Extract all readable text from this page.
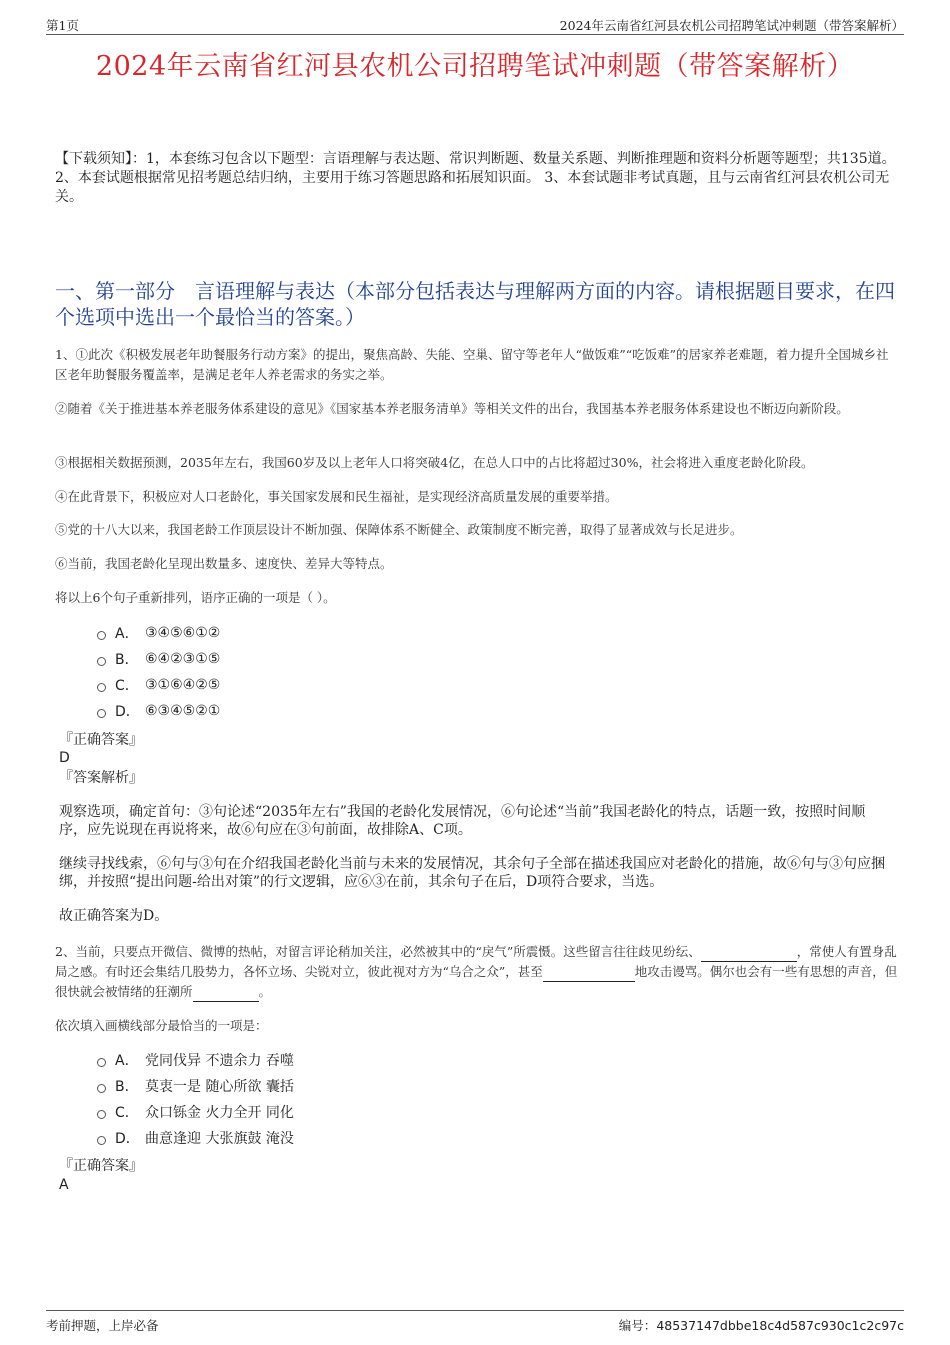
第1页	2024年云南省红河县农机公司招聘笔试冲刺题（带答案解析）
2024年云南省红河县农机公司招聘笔试冲刺题（带答案解析）
【下载须知】：1，本套练习包含以下题型：言语理解与表达题、常识判断题、数量关系题、判断推理题和资料分析题等题型；共135道。 2、本套试题根据常见招考题总结归纳，主要用于练习答题思路和拓展知识面。 3、本套试题非考试真题，且与云南省红河县农机公司无关。
一、第一部分　言语理解与表达（本部分包括表达与理解两方面的内容。请根据题目要求，在四个选项中选出一个最恰当的答案。）
1、①此次《积极发展老年助餐服务行动方案》的提出，聚焦高龄、失能、空巢、留守等老年人“做饭难”“吃饭难”的居家养老难题，着力提升全国城乡社区老年助餐服务覆盖率，是满足老年人养老需求的务实之举。
②随着《关于推进基本养老服务体系建设的意见》《国家基本养老服务清单》等相关文件的出台，我国基本养老服务体系建设也不断迈向新阶段。
③根据相关数据预测，2035年左右，我国60岁及以上老年人口将突破4亿，在总人口中的占比将超过30%，社会将进入重度老龄化阶段。
④在此背景下，积极应对人口老龄化，事关国家发展和民生福祉，是实现经济高质量发展的重要举措。
⑤党的十八大以来，我国老龄工作顶层设计不断加强、保障体系不断健全、政策制度不断完善，取得了显著成效与长足进步。
⑥当前，我国老龄化呈现出数量多、速度快、差异大等特点。
将以上6个句子重新排列，语序正确的一项是（ ）。
A． ③④⑤⑥①②
B． ⑥④②③①⑤
C． ③①⑥④②⑤
D． ⑥③④⑤②①
『正确答案』
D
『答案解析』
观察选项，确定首句：③句论述“2035年左右”我国的老龄化发展情况，⑥句论述“当前”我国老龄化的特点，话题一致，按照时间顺序，应先说现在再说将来，故⑥句应在③句前面，故排除A、C项。
继续寻找线索，⑥句与③句在介绍我国老龄化当前与未来的发展情况，其余句子全部在描述我国应对老龄化的措施，故⑥句与③句应捆绑，并按照“提出问题-给出对策”的行文逻辑，应⑥③在前，其余句子在后，D项符合要求，当选。
故正确答案为D。
2、当前，只要点开微信、微博的热帖，对留言评论稍加关注，必然被其中的“戾气”所震慑。这些留言往往歧见纷纭、	，常使人有置身乱局之感。有时还会集结几股势力，各怀立场、尖锐对立，彼此视对方为“乌合之众”，甚至	地攻击谩骂。偶尔也会有一些有思想的声音，但很快就会被情绪的狂潮所	。
依次填入画横线部分最恰当的一项是：
A． 党同伐异 不遗余力 吞噬
B． 莫衷一是 随心所欲 囊括
C． 众口铄金 火力全开 同化
D． 曲意逢迎 大张旗鼓 淹没
『正确答案』
A
考前押题，上岸必备	编号：48537147dbbe18c4d587c930c1c2c97c
